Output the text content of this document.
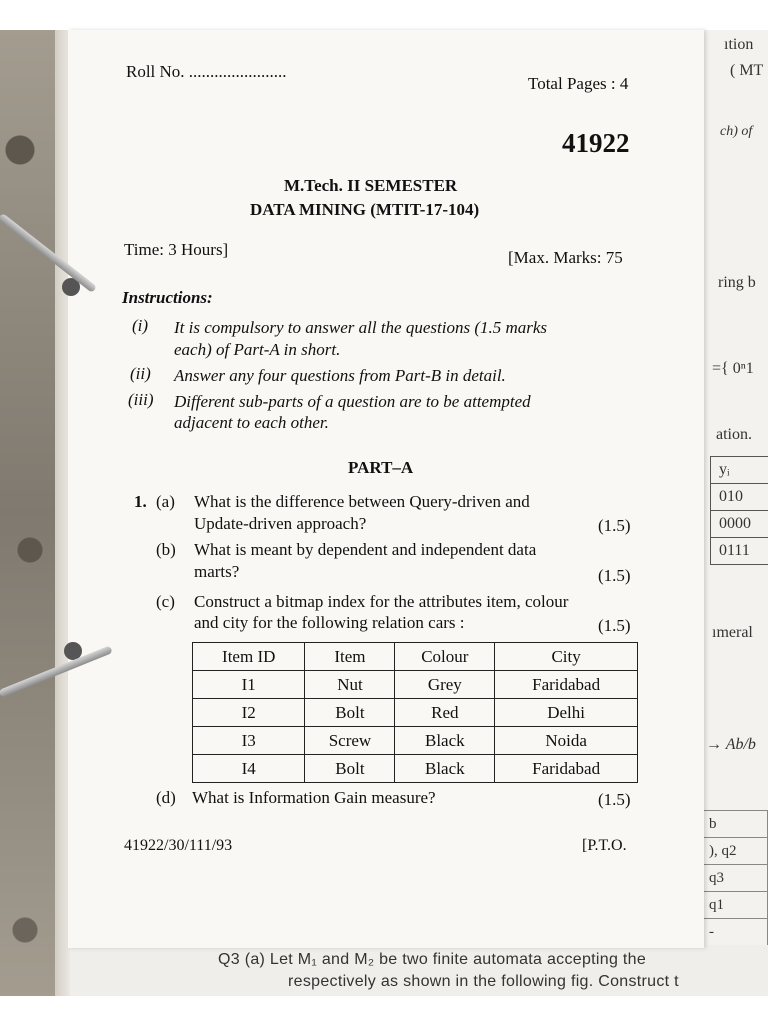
ıtion
( MT
ch) of
ring b
={ 0ⁿ1
ation.
ımeral
→ Ab/b
yᵢ
010
0000
0111
b
), q2
q3
q1
-
Q3 (a) Let M₁ and M₂ be two finite automata accepting the
respectively as shown in the following fig. Construct t
Roll No. .......................
Total Pages : 4
41922
M.Tech. II SEMESTER
DATA MINING (MTIT-17-104)
Time: 3 Hours]	[Max. Marks: 75
Instructions:
(i) It is compulsory to answer all the questions (1.5 marks
each) of Part-A in short.
(ii) Answer any four questions from Part-B in detail.
(iii) Different sub-parts of a question are to be attempted
adjacent to each other.
PART–A
1. (a) What is the difference between Query-driven and
Update-driven approach?	(1.5)
(b) What is meant by dependent and independent data
marts?	(1.5)
(c) Construct a bitmap index for the attributes item, colour
and city for the following relation cars :	(1.5)
Item ID	Item	Colour	City
I1	Nut	Grey	Faridabad
I2	Bolt	Red	Delhi
I3	Screw	Black	Noida
I4	Bolt	Black	Faridabad
(d) What is Information Gain measure?	(1.5)
41922/30/111/93	[P.T.O.
